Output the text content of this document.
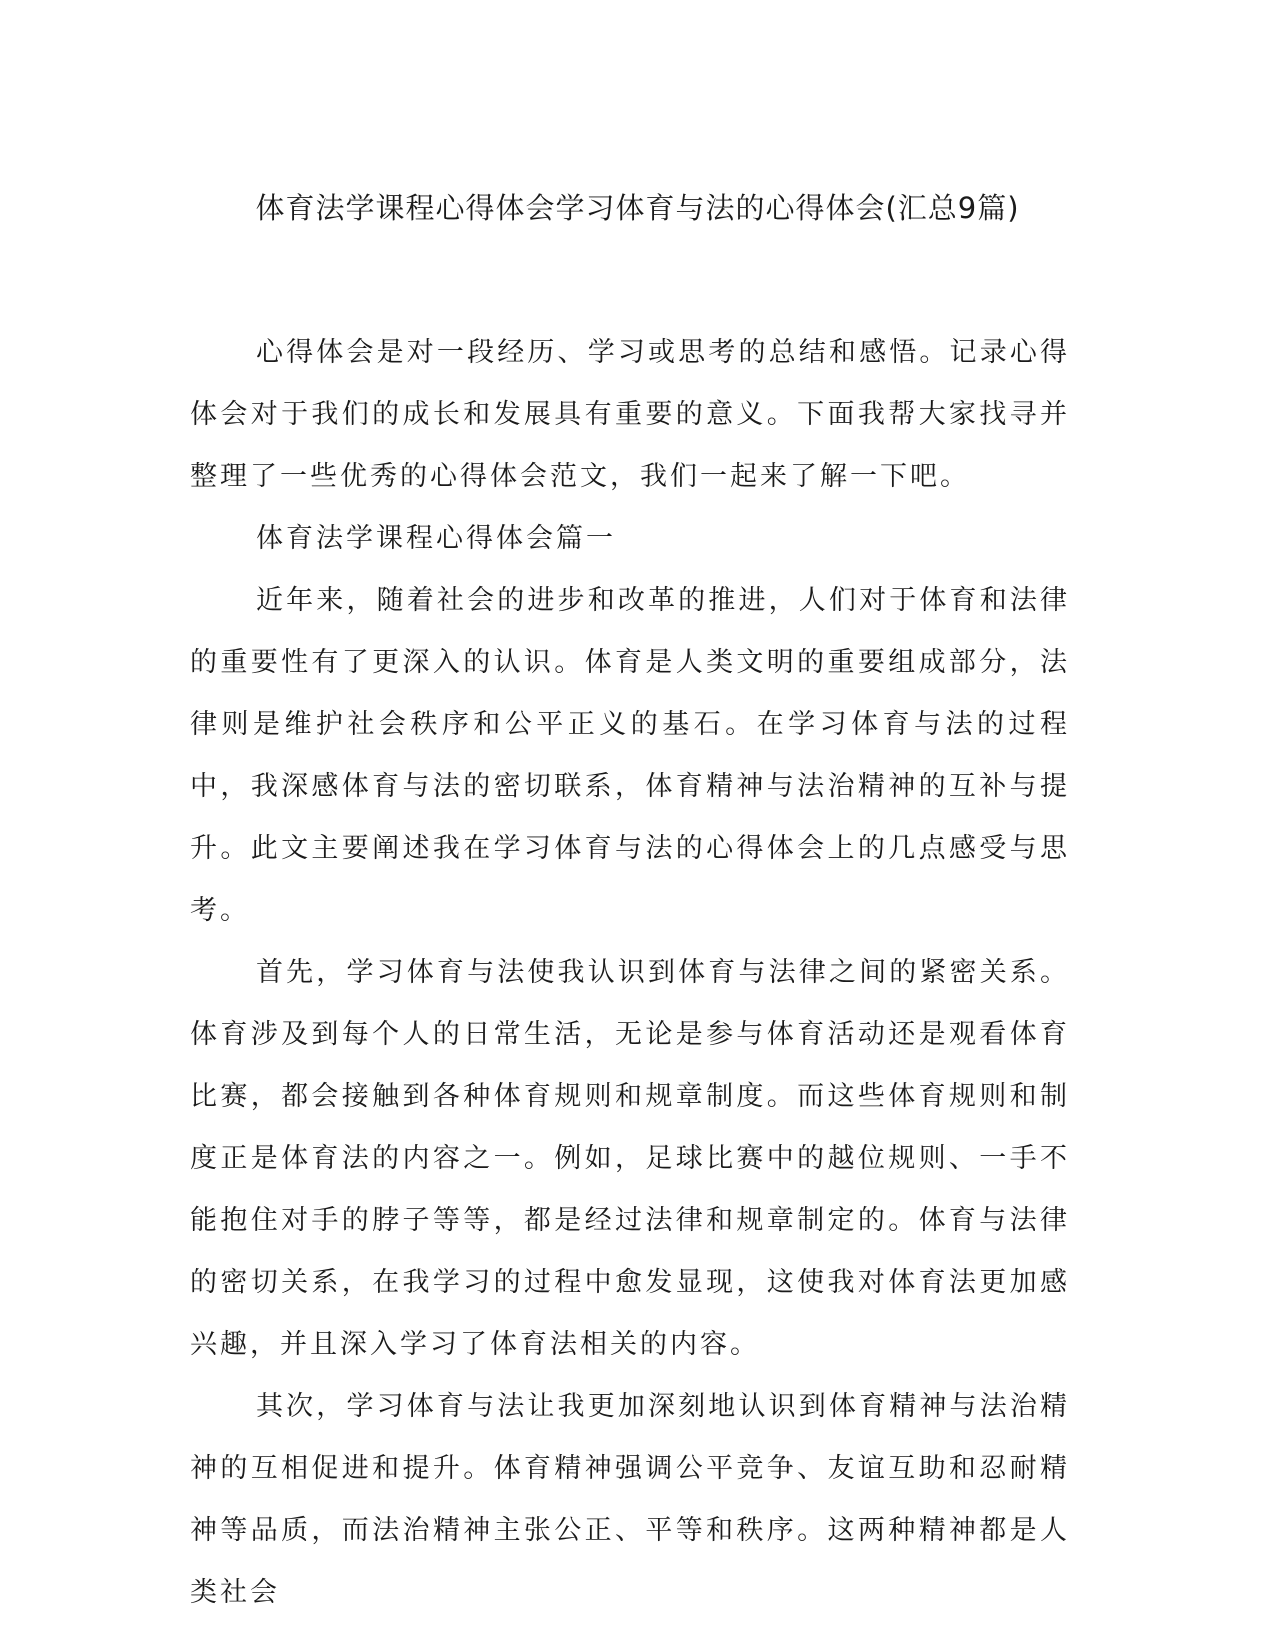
体育法学课程心得体会学习体育与法的心得体会(汇总9篇)

心得体会是对一段经历、学习或思考的总结和感悟。记录心得体会对于我们的成长和发展具有重要的意义。下面我帮大家找寻并整理了一些优秀的心得体会范文，我们一起来了解一下吧。

体育法学课程心得体会篇一

近年来，随着社会的进步和改革的推进，人们对于体育和法律的重要性有了更深入的认识。体育是人类文明的重要组成部分，法律则是维护社会秩序和公平正义的基石。在学习体育与法的过程中，我深感体育与法的密切联系，体育精神与法治精神的互补与提升。此文主要阐述我在学习体育与法的心得体会上的几点感受与思考。

首先，学习体育与法使我认识到体育与法律之间的紧密关系。体育涉及到每个人的日常生活，无论是参与体育活动还是观看体育比赛，都会接触到各种体育规则和规章制度。而这些体育规则和制度正是体育法的内容之一。例如，足球比赛中的越位规则、一手不能抱住对手的脖子等等，都是经过法律和规章制定的。体育与法律的密切关系，在我学习的过程中愈发显现，这使我对体育法更加感兴趣，并且深入学习了体育法相关的内容。

其次，学习体育与法让我更加深刻地认识到体育精神与法治精神的互相促进和提升。体育精神强调公平竞争、友谊互助和忍耐精神等品质，而法治精神主张公正、平等和秩序。这两种精神都是人类社会
